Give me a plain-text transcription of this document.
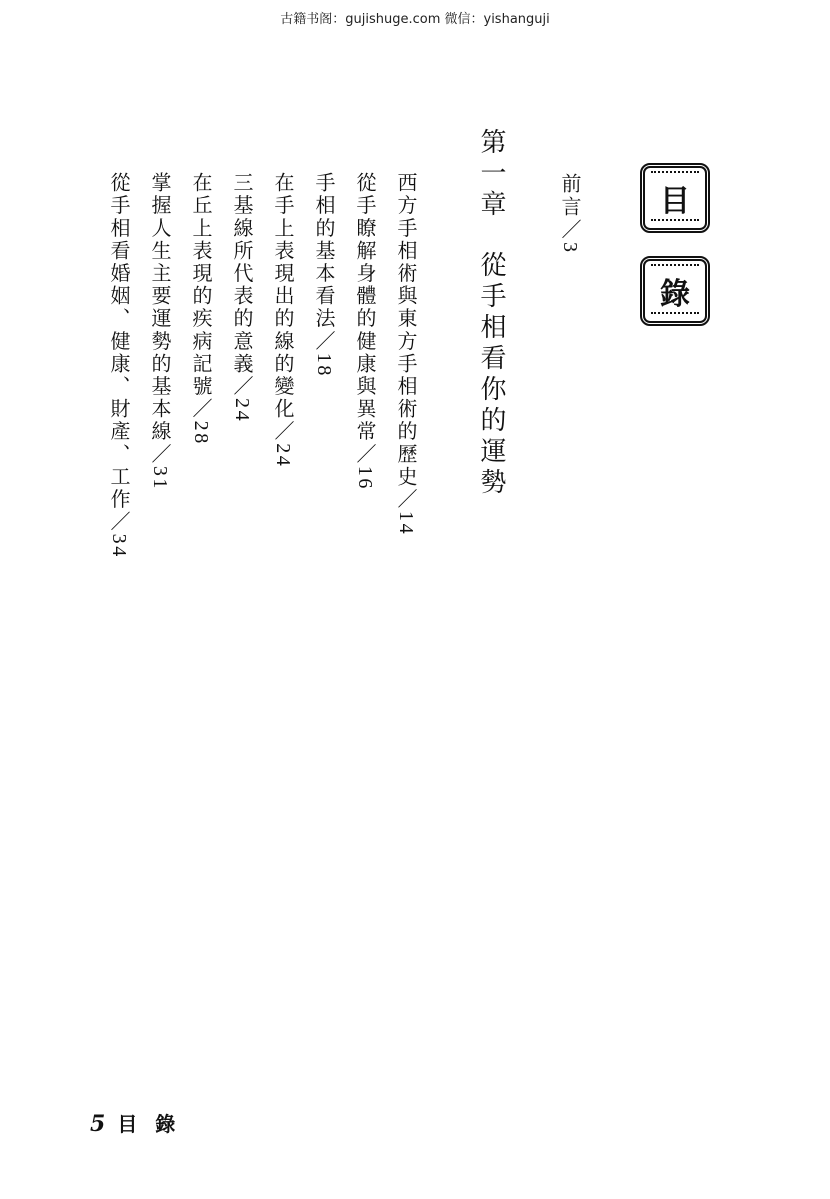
古籍书阁：gujishuge.com 微信：yishanguji
目
錄
前言／3
第一章從手相看你的運勢
西方手相術與東方手相術的歷史／14
從手瞭解身體的健康與異常／16
手相的基本看法／18
在手上表現出的線的變化／24
三基線所代表的意義／24
在丘上表現的疾病記號／28
掌握人生主要運勢的基本線／31
從手相看婚姻、健康、財產、工作／34
5 目錄
